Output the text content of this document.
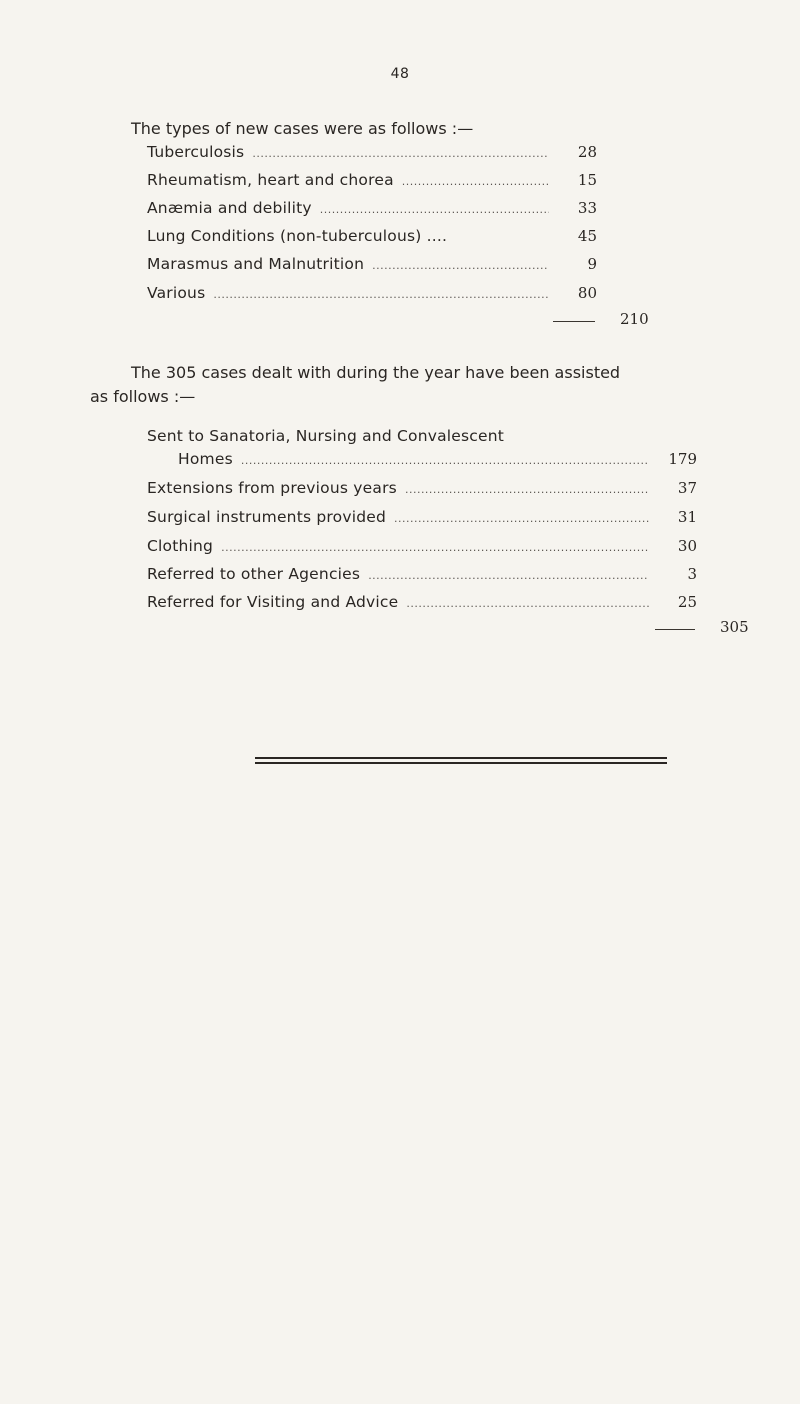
48
The types of new cases were as follows :—
Tuberculosis .....	28
Rheumatism, heart and chorea .....	15
Anæmia and debility .....	33
Lung Conditions (non-tuberculous) ....	45
Marasmus and Malnutrition .....	9
Various .....	80
210
The 305 cases dealt with during the year have been assisted
as follows :—
Sent to Sanatoria, Nursing and Convalescent
Homes .....	179
Extensions from previous years .....	37
Surgical instruments provided .....	31
Clothing .....	30
Referred to other Agencies .....	3
Referred for Visiting and Advice .....	25
305
